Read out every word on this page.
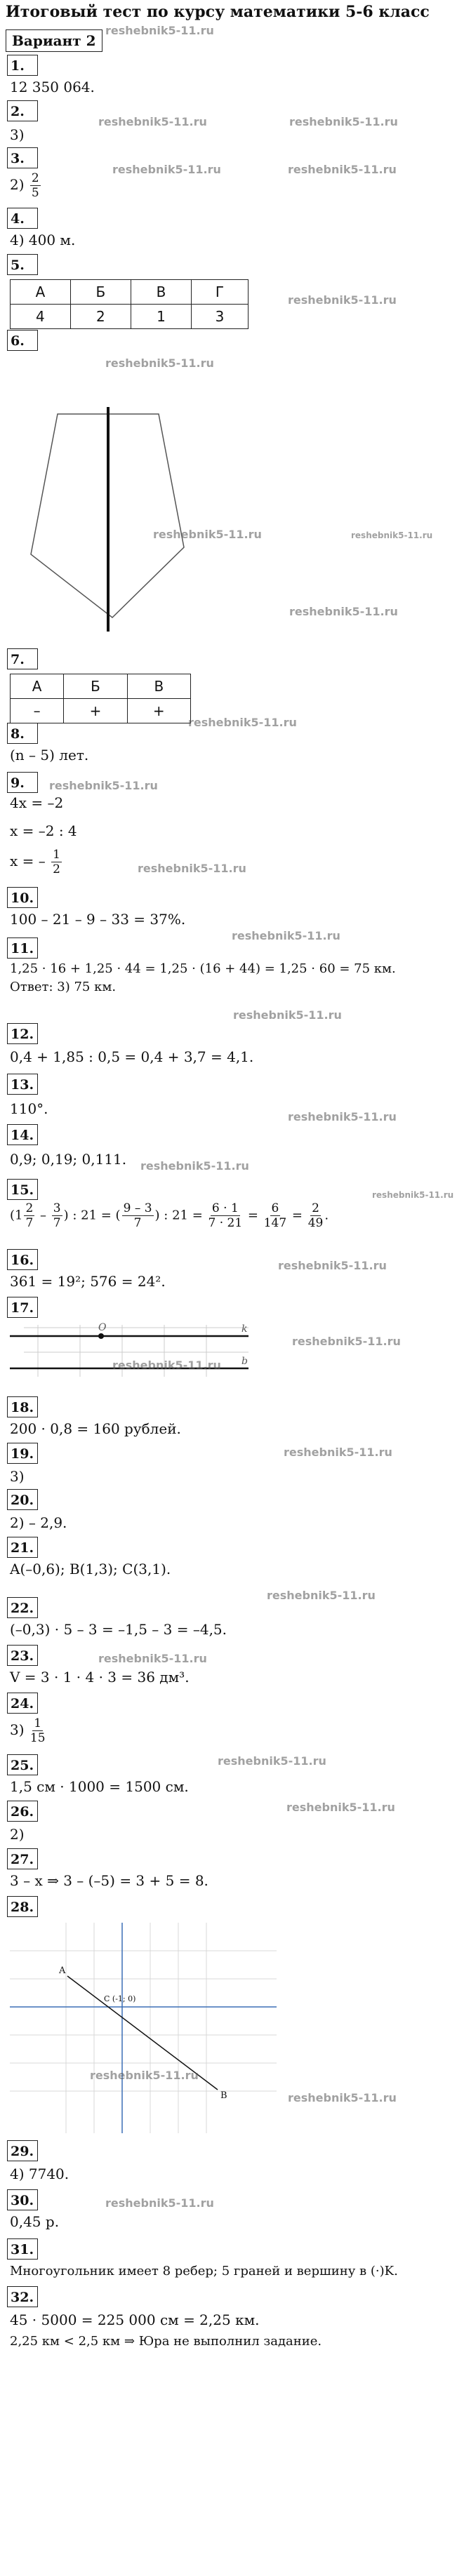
Итоговый тест по курсу математики 5-6 класс
Вариант 2
1.
12 350 064.
2.
3)
3.
$2) \frac{2}{5}$
4.
4) 400 м.
5.
А	Б	В	Г
4	2	1	3
6.
7.
А	Б	В
–	+	+
8.
(n – 5) лет.
9.
4x = –2
x = –2 : 4
x = – $\frac{1}{2}$
10.
100 – 21 – 9 – 33 = 37%.
11.
1,25 · 16 + 1,25 · 44 = 1,25 · (16 + 44) = 1,25 · 60 = 75 км.
Ответ: 3) 75 км.
12.
0,4 + 1,85 : 0,5 = 0,4 + 3,7 = 4,1.
13.
110°.
14.
0,9; 0,19; 0,111.
15.
($1 \frac{2}{7} - \frac{3}{7}$ ) : 21 = ( $\frac{9 - 3}{7}$ ) : $21 = \frac{6 \cdot 1}{7 \cdot 21} = \frac{6}{147} = \frac{2}{49}$ .
16.
361 = 19²; 576 = 24².
17.
O	k
b
18.
200 · 0,8 = 160 рублей.
19.
3)
20.
2) – 2,9.
21.
A(–0,6); B(1,3); C(3,1).
22.
(–0,3) · 5 – 3 = –1,5 – 3 = –4,5.
23.
V = 3 · 1 · 4 · 3 = 36 дм³.
24.
$3) \frac{1}{15}$
25.
1,5 см · 1000 = 1500 см.
26.
2)
27.
3 – x ⇒ 3 – (–5) = 3 + 5 = 8.
28.
A
B
C (-1; 0)
29.
4) 7740.
30.
0,45 р.
31.
Многоугольник имеет 8 ребер; 5 граней и вершину в (·)K.
32.
45 · 5000 = 225 000 см = 2,25 км.
2,25 км < 2,5 км ⇒ Юра не выполнил задание.
reshebnik5-11.ru
reshebnik5-11.ru	reshebnik5-11.ru
reshebnik5-11.ru	reshebnik5-11.ru
reshebnik5-11.ru
reshebnik5-11.ru
reshebnik5-11.ru	reshebnik5-11.ru
reshebnik5-11.ru
reshebnik5-11.ru
reshebnik5-11.ru
reshebnik5-11.ru
reshebnik5-11.ru
reshebnik5-11.ru
reshebnik5-11.ru
reshebnik5-11.ru
reshebnik5-11.ru
reshebnik5-11.ru
reshebnik5-11.ru
reshebnik5-11.ru
reshebnik5-11.ru
reshebnik5-11.ru
reshebnik5-11.ru
reshebnik5-11.ru
reshebnik5-11.ru
reshebnik5-11.ru
reshebnik5-11.ru
reshebnik5-11.ru
